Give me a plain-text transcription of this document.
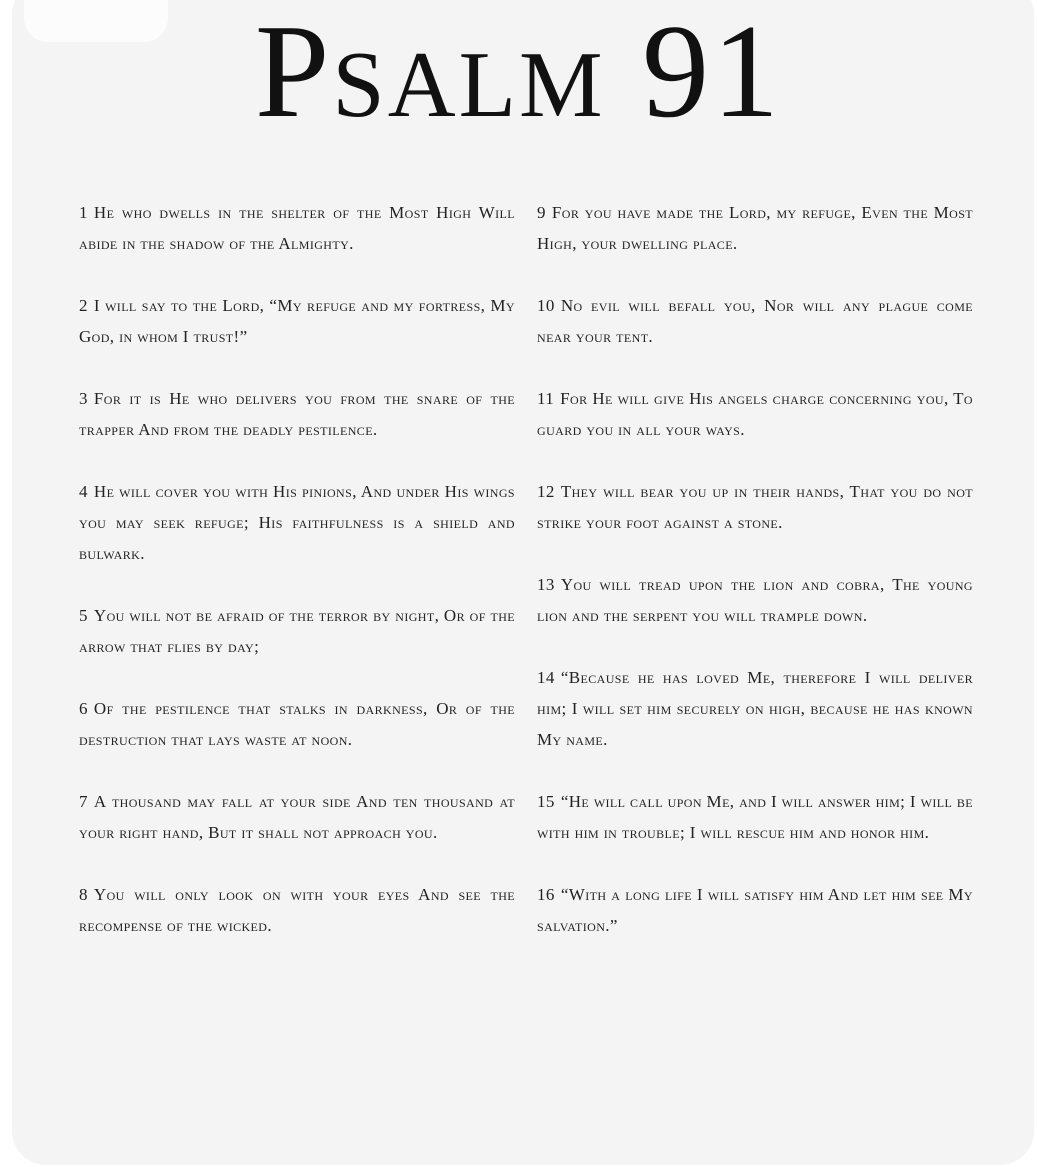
Psalm 91

1 He who dwells in the shelter of the Most High Will abide in the shadow of the Almighty.

2 I will say to the Lord, “My refuge and my fortress, My God, in whom I trust!”

3 For it is He who delivers you from the snare of the trapper And from the deadly pestilence.

4 He will cover you with His pinions, And under His wings you may seek refuge; His faithfulness is a shield and bulwark.

5 You will not be afraid of the terror by night, Or of the arrow that flies by day;

6 Of the pestilence that stalks in darkness, Or of the destruction that lays waste at noon.

7 A thousand may fall at your side And ten thousand at your right hand, But it shall not approach you.

8 You will only look on with your eyes And see the recompense of the wicked.

9 For you have made the Lord, my refuge, Even the Most High, your dwelling place.

10 No evil will befall you, Nor will any plague come near your tent.

11 For He will give His angels charge concerning you, To guard you in all your ways.

12 They will bear you up in their hands, That you do not strike your foot against a stone.

13 You will tread upon the lion and cobra, The young lion and the serpent you will trample down.

14 “Because he has loved Me, therefore I will deliver him; I will set him securely on high, because he has known My name.

15 “He will call upon Me, and I will answer him; I will be with him in trouble; I will rescue him and honor him.

16 “With a long life I will satisfy him And let him see My salvation.”
